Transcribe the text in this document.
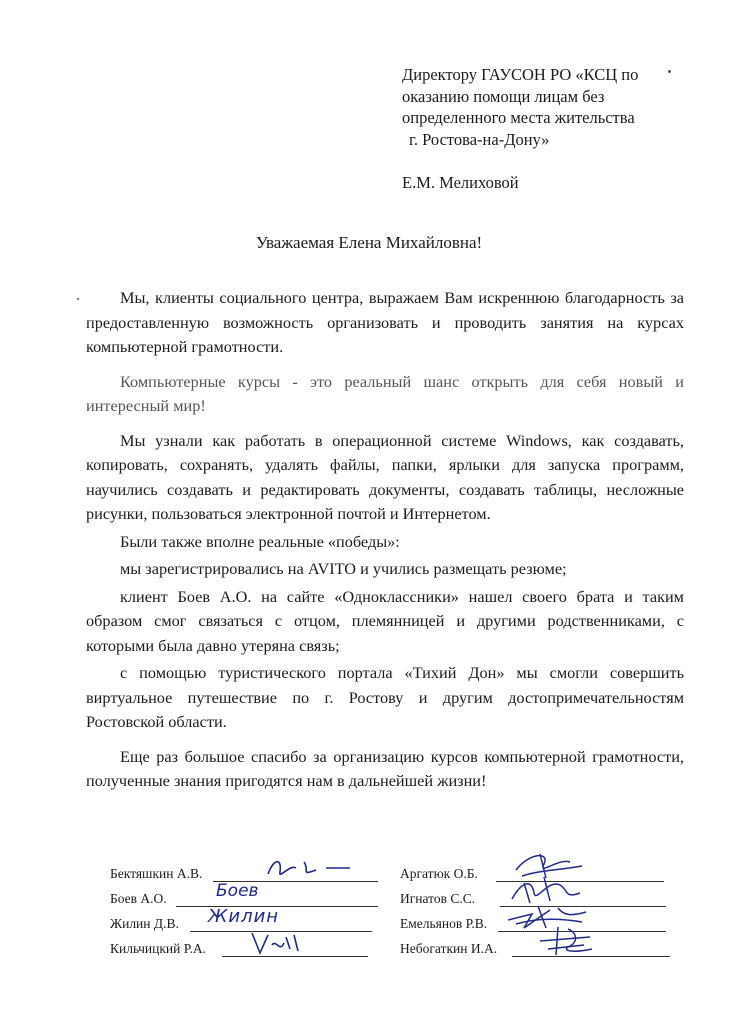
Директору ГАУСОН РО «КСЦ по
оказанию помощи лицам без
определенного места жительства
г. Ростова-на-Дону»
Е.М. Мелиховой
Уважаемая Елена Михайловна!

Мы, клиенты социального центра, выражаем Вам искреннюю благодарность за предоставленную возможность организовать и проводить занятия на курсах компьютерной грамотности.

Компьютерные курсы - это реальный шанс открыть для себя новый и интересный мир!

Мы узнали как работать в операционной системе Windows, как создавать, копировать, сохранять, удалять файлы, папки, ярлыки для запуска программ, научились создавать и редактировать документы, создавать таблицы, несложные рисунки, пользоваться электронной почтой и Интернетом.

Были также вполне реальные «победы»:

мы зарегистрировались на AVITO и учились размещать резюме;

клиент Боев А.О. на сайте «Одноклассники» нашел своего брата и таким образом смог связаться с отцом, племянницей и другими родственниками, с которыми была давно утеряна связь;

с помощью туристического портала «Тихий Дон» мы смогли совершить виртуальное путешествие по г. Ростову и другим достопримечательностям Ростовской области.

Еще раз большое спасибо за организацию курсов компьютерной грамотности, полученные знания пригодятся нам в дальнейшей жизни!

Бектяшкин А.В.
Боев А.О.	Боев
Жилин Д.В. Жилин
Кильчицкий Р.А.
Аргатюк О.Б.
Игнатов С.С.
Емельянов Р.В.
Небогаткин И.А.
